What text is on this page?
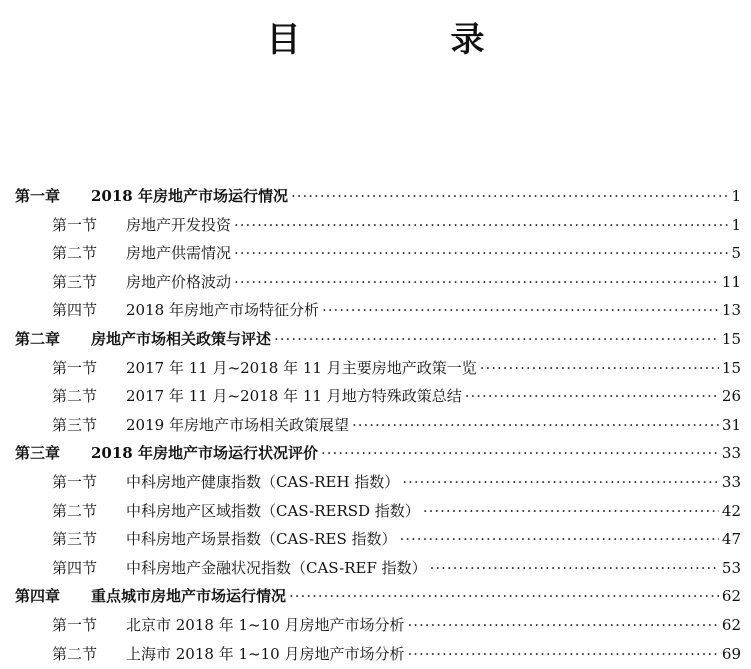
目　录
第一章 2018 年房地产市场运行情况 ·····	1
第一节 房地产开发投资 ·····	1
第二节 房地产供需情况 ·····	5
第三节 房地产价格波动 ·····	11
第四节 2018 年房地产市场特征分析 ·····	13
第二章 房地产市场相关政策与评述 ·····	15
第一节 2017 年 11 月~2018 年 11 月主要房地产政策一览 ·····	15
第二节 2017 年 11 月~2018 年 11 月地方特殊政策总结 ·····	26
第三节 2019 年房地产市场相关政策展望 ·····	31
第三章 2018 年房地产市场运行状况评价 ·····	33
第一节 中科房地产健康指数（CAS-REH 指数） ·····	33
第二节 中科房地产区域指数（CAS-RERSD 指数） ·····	42
第三节 中科房地产场景指数（CAS-RES 指数） ·····	47
第四节 中科房地产金融状况指数（CAS-REF 指数） ·····	53
第四章 重点城市房地产市场运行情况 ·····	62
第一节 北京市 2018 年 1~10 月房地产市场分析 ·····	62
第二节 上海市 2018 年 1~10 月房地产市场分析 ·····	69
